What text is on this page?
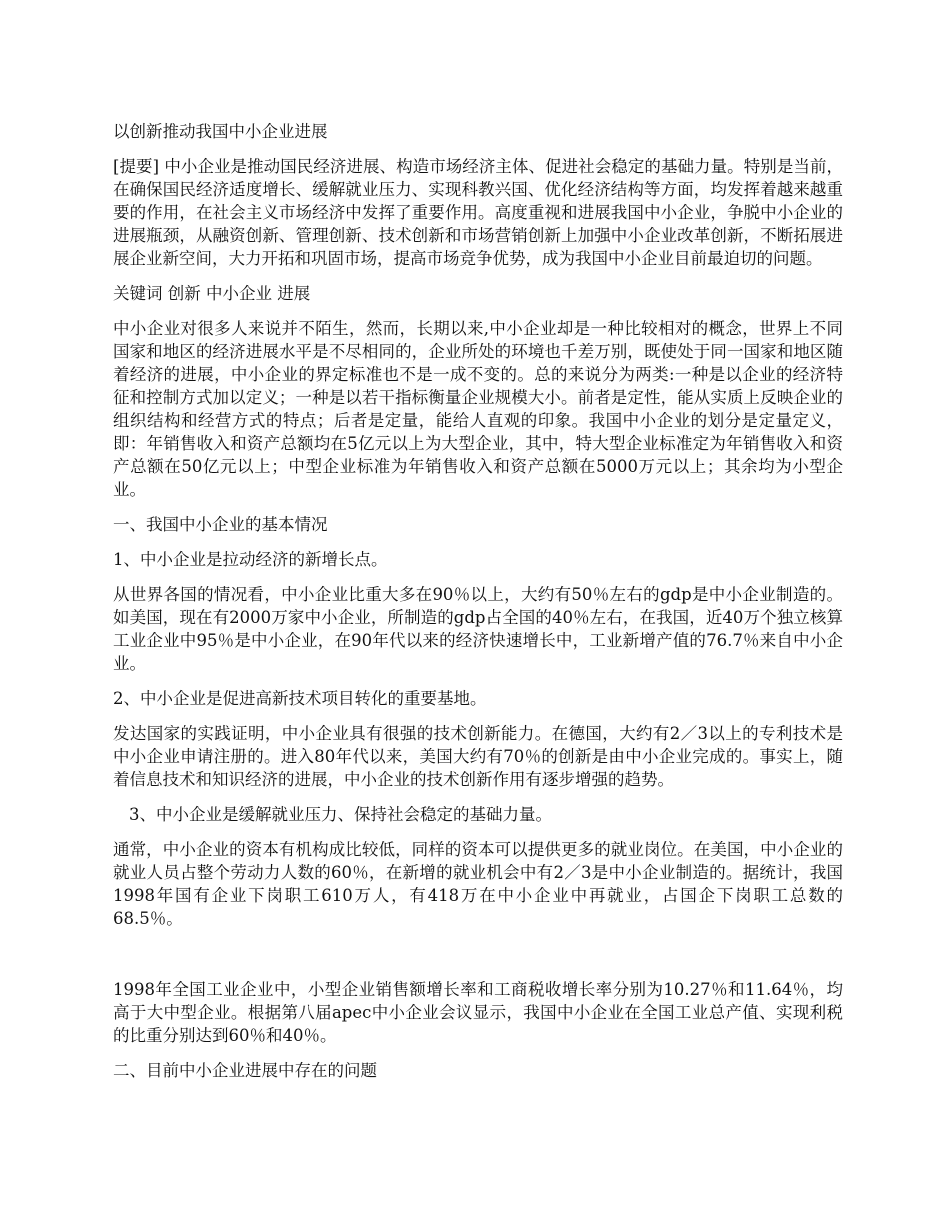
以创新推动我国中小企业进展

[提要] 中小企业是推动国民经济进展、构造市场经济主体、促进社会稳定的基础力量。特别是当前，在确保国民经济适度增长、缓解就业压力、实现科教兴国、优化经济结构等方面，均发挥着越来越重要的作用，在社会主义市场经济中发挥了重要作用。高度重视和进展我国中小企业，争脱中小企业的进展瓶颈，从融资创新、管理创新、技术创新和市场营销创新上加强中小企业改革创新，不断拓展进展企业新空间，大力开拓和巩固市场，提高市场竞争优势，成为我国中小企业目前最迫切的问题。

关键词 创新 中小企业 进展

中小企业对很多人来说并不陌生，然而，长期以来,中小企业却是一种比较相对的概念，世界上不同国家和地区的经济进展水平是不尽相同的，企业所处的环境也千差万别，既使处于同一国家和地区随着经济的进展，中小企业的界定标准也不是一成不变的。总的来说分为两类:一种是以企业的经济特征和控制方式加以定义；一种是以若干指标衡量企业规模大小。前者是定性，能从实质上反映企业的组织结构和经营方式的特点；后者是定量，能给人直观的印象。我国中小企业的划分是定量定义，即：年销售收入和资产总额均在5亿元以上为大型企业，其中，特大型企业标准定为年销售收入和资产总额在50亿元以上；中型企业标准为年销售收入和资产总额在5000万元以上；其余均为小型企业。

一、我国中小企业的基本情况

1、中小企业是拉动经济的新增长点。

从世界各国的情况看，中小企业比重大多在90％以上，大约有50％左右的gdp是中小企业制造的。如美国，现在有2000万家中小企业，所制造的gdp占全国的40％左右，在我国，近40万个独立核算工业企业中95％是中小企业，在90年代以来的经济快速增长中，工业新增产值的76.7％来自中小企业。

2、中小企业是促进高新技术项目转化的重要基地。

发达国家的实践证明，中小企业具有很强的技术创新能力。在德国，大约有2／3以上的专利技术是中小企业申请注册的。进入80年代以来，美国大约有70％的创新是由中小企业完成的。事实上，随着信息技术和知识经济的进展，中小企业的技术创新作用有逐步增强的趋势。

3、中小企业是缓解就业压力、保持社会稳定的基础力量。

通常，中小企业的资本有机构成比较低，同样的资本可以提供更多的就业岗位。在美国，中小企业的就业人员占整个劳动力人数的60％，在新增的就业机会中有2／3是中小企业制造的。据统计，我国1998年国有企业下岗职工610万人，有418万在中小企业中再就业，占国企下岗职工总数的68.5％。

1998年全国工业企业中，小型企业销售额增长率和工商税收增长率分别为10.27％和11.64％，均高于大中型企业。根据第八届apec中小企业会议显示，我国中小企业在全国工业总产值、实现利税的比重分别达到60％和40％。

二、目前中小企业进展中存在的问题
